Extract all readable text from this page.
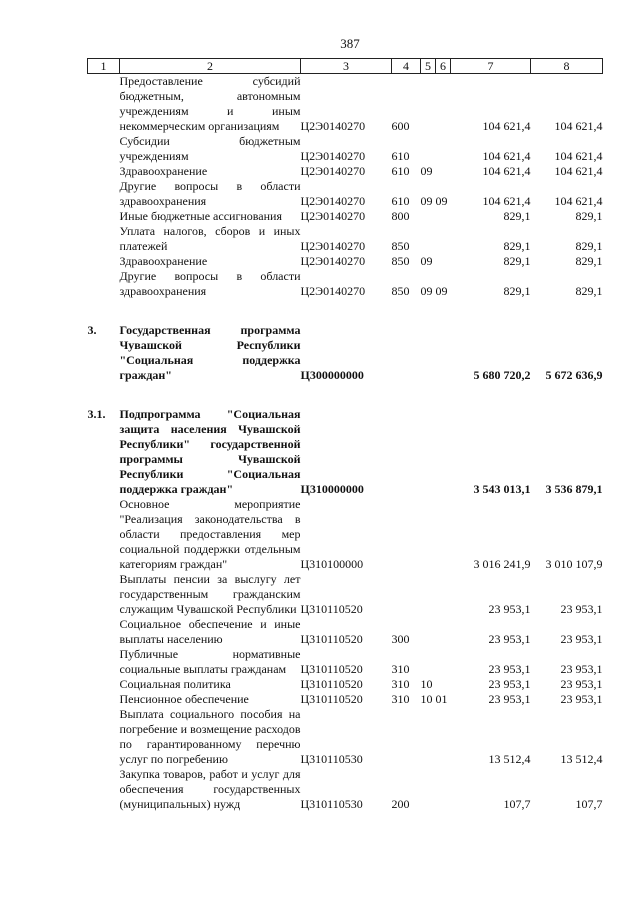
387
1	2	3	4	5	6	7	8
	Предоставление субсидий бюджетным, автономным учреждениям и иным некоммерческим организациям	Ц2Э0140270	600			104 621,4	104 621,4
	Субсидии бюджетным учреждениям	Ц2Э0140270	610			104 621,4	104 621,4
	Здравоохранение	Ц2Э0140270	610	09		104 621,4	104 621,4
	Другие вопросы в области здравоохранения	Ц2Э0140270	610	09	09	104 621,4	104 621,4
	Иные бюджетные ассигнования	Ц2Э0140270	800			829,1	829,1
	Уплата налогов, сборов и иных платежей	Ц2Э0140270	850			829,1	829,1
	Здравоохранение	Ц2Э0140270	850	09		829,1	829,1
	Другие вопросы в области здравоохранения	Ц2Э0140270	850	09	09	829,1	829,1

3.	Государственная программа Чувашской Республики "Социальная поддержка граждан"	Ц300000000				5 680 720,2	5 672 636,9

3.1.	Подпрограмма "Социальная защита населения Чувашской Республики" государственной программы Чувашской Республики "Социальная поддержка граждан"	Ц310000000				3 543 013,1	3 536 879,1
	Основное мероприятие "Реализация законодательства в области предоставления мер социальной поддержки отдельным категориям граждан"	Ц310100000				3 016 241,9	3 010 107,9
	Выплаты пенсии за выслугу лет государственным гражданским служащим Чувашской Республики	Ц310110520				23 953,1	23 953,1
	Социальное обеспечение и иные выплаты населению	Ц310110520	300			23 953,1	23 953,1
	Публичные нормативные социальные выплаты гражданам	Ц310110520	310			23 953,1	23 953,1
	Социальная политика	Ц310110520	310	10		23 953,1	23 953,1
	Пенсионное обеспечение	Ц310110520	310	10	01	23 953,1	23 953,1
	Выплата социального пособия на погребение и возмещение расходов по гарантированному перечню услуг по погребению	Ц310110530				13 512,4	13 512,4
	Закупка товаров, работ и услуг для обеспечения государственных (муниципальных) нужд	Ц310110530	200			107,7	107,7
